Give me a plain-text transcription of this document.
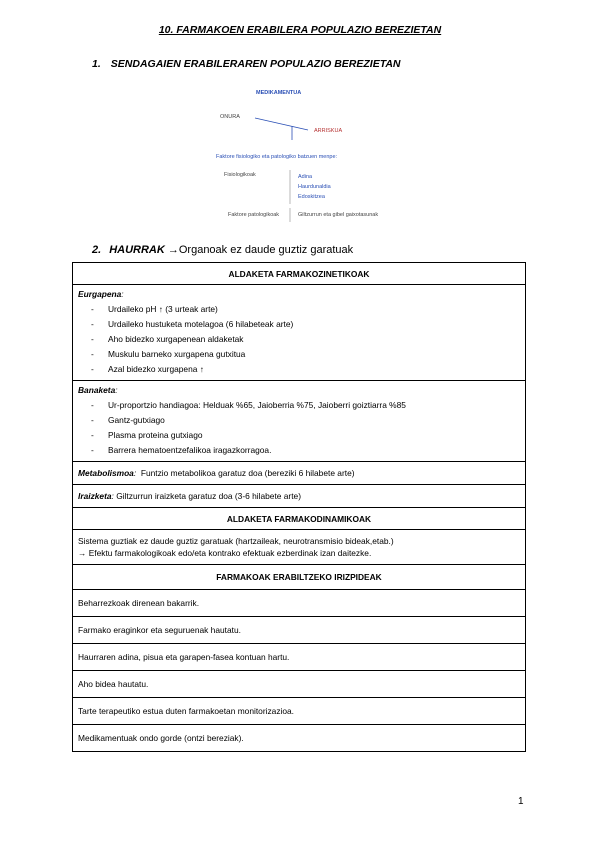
10. FARMAKOEN ERABILERA POPULAZIO BEREZIETAN
1. SENDAGAIEN ERABILERAREN POPULAZIO BEREZIETAN
MEDIKAMENTUA
ONURA
ARRISKUA
Faktore fisiologiko eta patologiko batzuen menpe:
Fisiologikoak	Adina
Haurdunaldia
Edoskitzea
Faktore patologikoak	Giltzurrun eta gibel gaixotasunak
2. HAURRAK →Organoak ez daude guztiz garatuak
ALDAKETA FARMAKOZINETIKOAK
Eurgapena:
- Urdaileko pH ↑ (3 urteak arte)
- Urdaileko hustuketa motelagoa (6 hilabeteak arte)
- Aho bidezko xurgapenean aldaketak
- Muskulu barneko xurgapena gutxitua
- Azal bidezko xurgapena ↑

Banaketa:
- Ur-proportzio handiagoa: Helduak %65, Jaioberria %75, Jaioberri goiztiarra %85
- Gantz-gutxiago
- Plasma proteina gutxiago
- Barrera hematoentzefalikoa iragazkorragoa.

Metabolismoa: Funtzio metabolikoa garatuz doa (bereziki 6 hilabete arte)
Iraizketa: Giltzurrun iraizketa garatuz doa (3-6 hilabete arte)
ALDAKETA FARMAKODINAMIKOAK

Sistema guztiak ez daude guztiz garatuak (hartzaileak, neurotransmisio bideak,etab.)
→ Efektu farmakologikoak edo/eta kontrako efektuak ezberdinak izan daitezke.

FARMAKOAK ERABILTZEKO IRIZPIDEAK
Beharrezkoak direnean bakarrik.
Farmako eraginkor eta seguruenak hautatu.
Haurraren adina, pisua eta garapen-fasea kontuan hartu.
Aho bidea hautatu.
Tarte terapeutiko estua duten farmakoetan monitorizazioa.
Medikamentuak ondo gorde (ontzi bereziak).
1
